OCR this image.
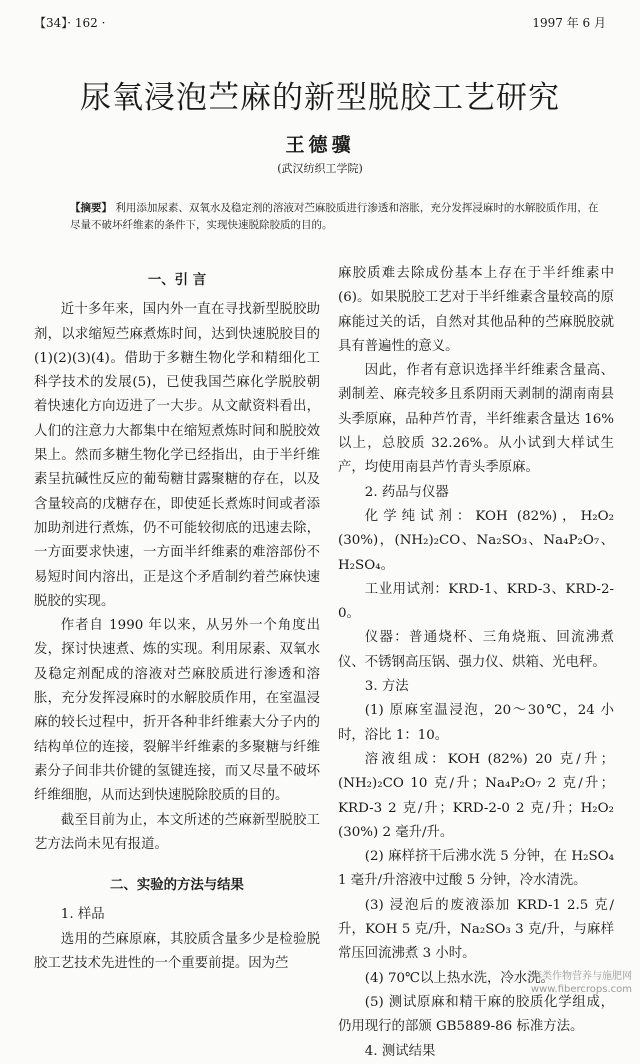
【34】· 162 ·	1997 年 6 月
尿氧浸泡苎麻的新型脱胶工艺研究
王德骥
(武汉纺织工学院)
【摘要】 利用添加尿素、双氧水及稳定剂的溶液对苎麻胶质进行渗透和溶胀，充分发挥浸麻时的水解胶质作用，在尽量不破坏纤维素的条件下，实现快速脱除胶质的目的。
一、引 言

近十多年来，国内外一直在寻找新型脱胶助剂，以求缩短苎麻煮炼时间，达到快速脱胶目的(1)(2)(3)(4)。借助于多糖生物化学和精细化工科学技术的发展(5)，已使我国苎麻化学脱胶朝着快速化方向迈进了一大步。从文献资料看出，人们的注意力大都集中在缩短煮炼时间和脱胶效果上。然而多糖生物化学已经指出，由于半纤维素呈抗碱性反应的葡萄糖甘露聚糖的存在，以及含量较高的戊糖存在，即使延长煮炼时间或者添加助剂进行煮炼，仍不可能较彻底的迅速去除，一方面要求快速，一方面半纤维素的难溶部份不易短时间内溶出，正是这个矛盾制约着苎麻快速脱胶的实现。

作者自 1990 年以来，从另外一个角度出发，探讨快速煮、炼的实现。利用尿素、双氧水及稳定剂配成的溶液对苎麻胶质进行渗透和溶胀，充分发挥浸麻时的水解胶质作用，在室温浸麻的较长过程中，折开各种非纤维素大分子内的结构单位的连接，裂解半纤维素的多聚糖与纤维素分子间非共价键的氢键连接，而又尽量不破坏纤维细胞，从而达到快速脱除胶质的目的。

截至目前为止，本文所述的苎麻新型脱胶工艺方法尚未见有报道。

二、实验的方法与结果
1. 样品

选用的苎麻原麻，其胶质含量多少是检验脱胶工艺技术先进性的一个重要前提。因为苎

麻胶质难去除成份基本上存在于半纤维素中(6)。如果脱胶工艺对于半纤维素含量较高的原麻能过关的话，自然对其他品种的苎麻脱胶就具有普遍性的意义。

因此，作者有意识选择半纤维素含量高、剥制差、麻壳较多且系阴雨天剥制的湖南南县头季原麻，品种芦竹青，半纤维素含量达 16%以上，总胶质 32.26%。从小试到大样试生产，均使用南县芦竹青头季原麻。

2. 药品与仪器

化学纯试剂：KOH (82%)，H₂O₂ (30%)，(NH₂)₂CO、Na₂SO₃、Na₄P₂O₇、H₂SO₄。

工业用试剂：KRD-1、KRD-3、KRD-2-0。

仪器：普通烧杯、三角烧瓶、回流沸煮仪、不锈钢高压锅、强力仪、烘箱、光电秤。

3. 方法

(1) 原麻室温浸泡，20～30℃，24 小时，浴比 1：10。

溶液组成：KOH (82%) 20 克/升；(NH₂)₂CO 10 克/升；Na₄P₂O₇ 2 克/升；KRD-3 2 克/升；KRD-2-0 2 克/升；H₂O₂ (30%) 2 毫升/升。

(2) 麻样挤干后沸水洗 5 分钟，在 H₂SO₄ 1 毫升/升溶液中过酸 5 分钟，冷水清洗。

(3) 浸泡后的废液添加 KRD-1 2.5 克/升，KOH 5 克/升，Na₂SO₃ 3 克/升，与麻样常压回流沸煮 3 小时。

(4) 70℃以上热水洗，冷水洗。

(5) 测试原麻和精干麻的胶质化学组成，仍用现行的部颁 GB5889-86 标准方法。

4. 测试结果
麻类作物营养与施肥网
www.fibercrops.com
